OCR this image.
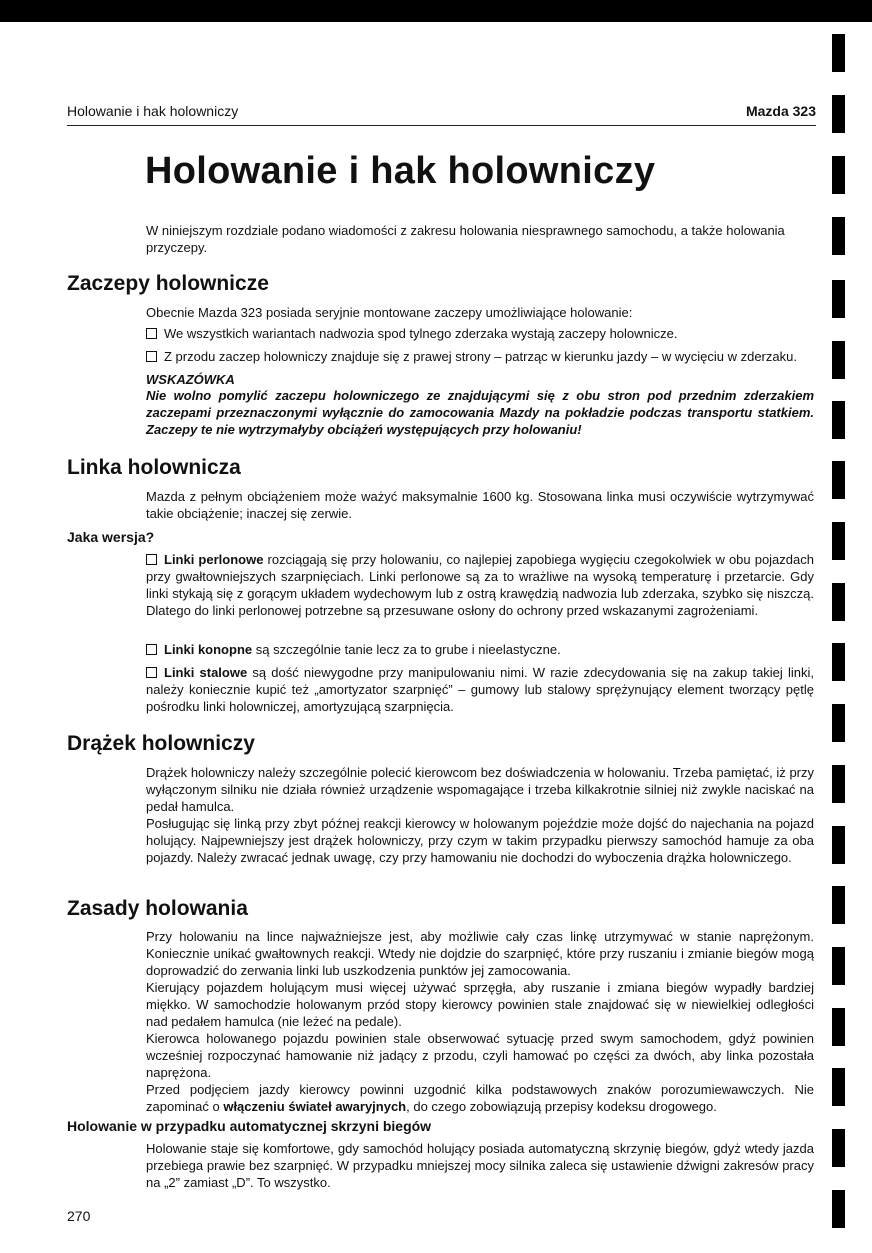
Holowanie i hak holowniczy	Mazda 323
Holowanie i hak holowniczy

W niniejszym rozdziale podano wiadomości z zakresu holowania niesprawnego samochodu, a także holowania przyczepy.

Zaczepy holownicze

Obecnie Mazda 323 posiada seryjnie montowane zaczepy umożliwiające holowanie:

We wszystkich wariantach nadwozia spod tylnego zderzaka wystają zaczepy holownicze.

Z przodu zaczep holowniczy znajduje się z prawej strony – patrząc w kierunku jazdy – w wycięciu w zderzaku.

WSKAZÓWKA

Nie wolno pomylić zaczepu holowniczego ze znajdującymi się z obu stron pod przednim zderzakiem zaczepami przeznaczonymi wyłącznie do zamocowania Mazdy na pokładzie podczas transportu statkiem. Zaczepy te nie wytrzymałyby obciążeń występujących przy holowaniu!

Linka holownicza

Mazda z pełnym obciążeniem może ważyć maksymalnie 1600 kg. Stosowana linka musi oczywiście wytrzymywać takie obciążenie; inaczej się zerwie.

Jaka wersja?

Linki perlonowe rozciągają się przy holowaniu, co najlepiej zapobiega wygięciu czegokolwiek w obu pojazdach przy gwałtowniejszych szarpnięciach. Linki perlonowe są za to wrażliwe na wysoką temperaturę i przetarcie. Gdy linki stykają się z gorącym układem wydechowym lub z ostrą krawędzią nadwozia lub zderzaka, szybko się niszczą. Dlatego do linki perlonowej potrzebne są przesuwane osłony do ochrony przed wskazanymi zagrożeniami.

Linki konopne są szczególnie tanie lecz za to grube i nieelastyczne.

Linki stalowe są dość niewygodne przy manipulowaniu nimi. W razie zdecydowania się na zakup takiej linki, należy koniecznie kupić też „amortyzator szarpnięć” – gumowy lub stalowy sprężynujący element tworzący pętlę pośrodku linki holowniczej, amortyzującą szarpnięcia.

Drążek holowniczy

Drążek holowniczy należy szczególnie polecić kierowcom bez doświadczenia w holowaniu. Trzeba pamiętać, iż przy wyłączonym silniku nie działa również urządzenie wspomagające i trzeba kilkakrotnie silniej niż zwykle naciskać na pedał hamulca.

Posługując się linką przy zbyt późnej reakcji kierowcy w holowanym pojeździe może dojść do najechania na pojazd holujący. Najpewniejszy jest drążek holowniczy, przy czym w takim przypadku pierwszy samochód hamuje za oba pojazdy. Należy zwracać jednak uwagę, czy przy hamowaniu nie dochodzi do wyboczenia drążka holowniczego.

Zasady holowania

Przy holowaniu na lince najważniejsze jest, aby możliwie cały czas linkę utrzymywać w stanie naprężonym. Koniecznie unikać gwałtownych reakcji. Wtedy nie dojdzie do szarpnięć, które przy ruszaniu i zmianie biegów mogą doprowadzić do zerwania linki lub uszkodzenia punktów jej zamocowania.

Kierujący pojazdem holującym musi więcej używać sprzęgła, aby ruszanie i zmiana biegów wypadły bardziej miękko. W samochodzie holowanym przód stopy kierowcy powinien stale znajdować się w niewielkiej odległości nad pedałem hamulca (nie leżeć na pedale).

Kierowca holowanego pojazdu powinien stale obserwować sytuację przed swym samochodem, gdyż powinien wcześniej rozpoczynać hamowanie niż jadący z przodu, czyli hamować po części za dwóch, aby linka pozostała naprężona.

Przed podjęciem jazdy kierowcy powinni uzgodnić kilka podstawowych znaków porozumiewawczych. Nie zapominać o włączeniu świateł awaryjnych, do czego zobowiązują przepisy kodeksu drogowego.

Holowanie w przypadku automatycznej skrzyni biegów

Holowanie staje się komfortowe, gdy samochód holujący posiada automatyczną skrzynię biegów, gdyż wtedy jazda przebiega prawie bez szarpnięć. W przypadku mniejszej mocy silnika zaleca się ustawienie dźwigni zakresów pracy na „2” zamiast „D”. To wszystko.

270
